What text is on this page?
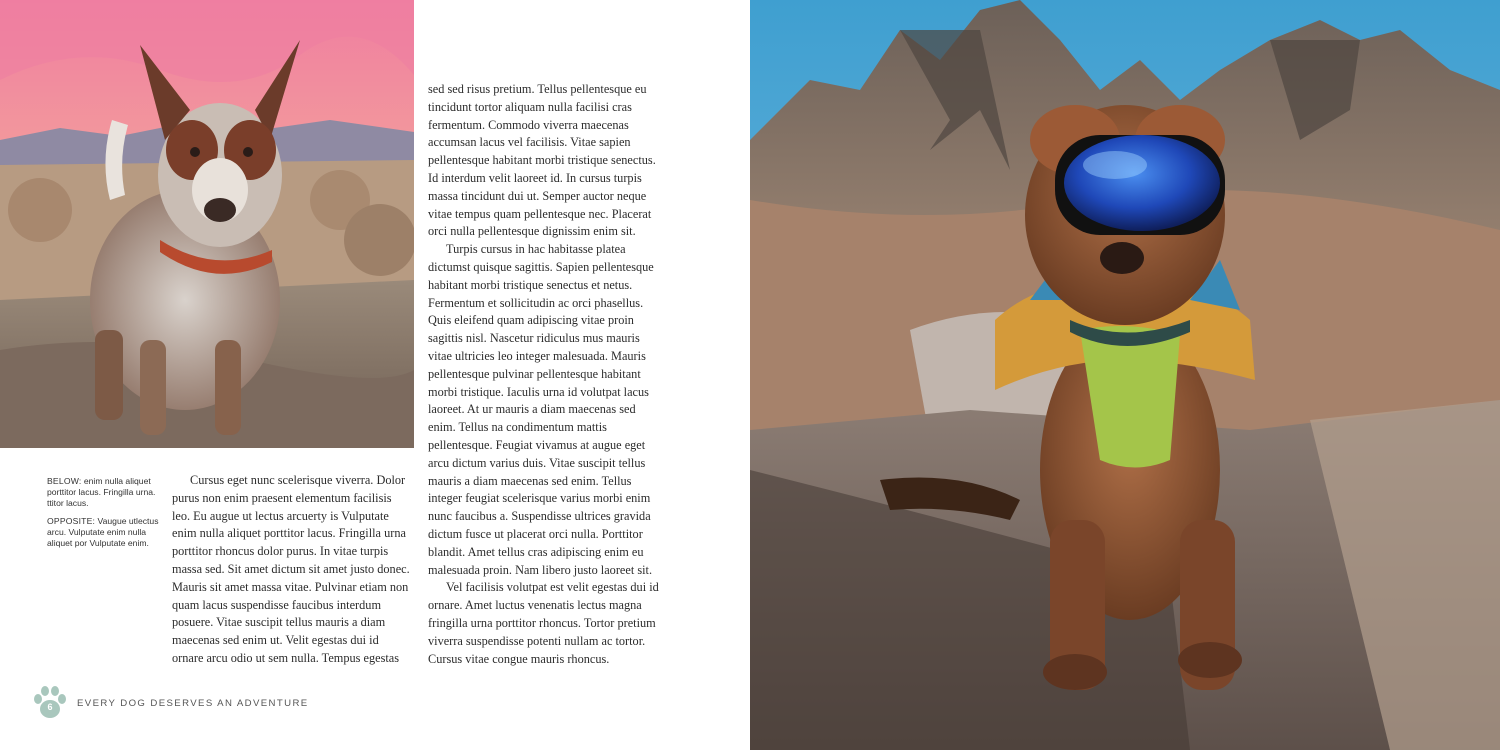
BELOW: enim nulla aliquet porttitor lacus. Fringilla urna. ttitor lacus.

OPPOSITE: Vaugue utlectus arcu. Vulputate enim nulla aliquet por Vulputate enim.

Cursus eget nunc scelerisque viverra. Dolor purus non enim praesent elementum facilisis leo. Eu augue ut lectus arcuerty is Vulputate enim nulla aliquet porttitor lacus. Fringilla urna porttitor rhoncus dolor purus. In vitae turpis massa sed. Sit amet dictum sit amet justo donec. Mauris sit amet massa vitae. Pulvinar etiam non quam lacus suspendisse faucibus interdum posuere. Vitae suscipit tellus mauris a diam maecenas sed enim ut. Velit egestas dui id ornare arcu odio ut sem nulla. Tempus egestas

sed sed risus pretium. Tellus pellentesque eu tincidunt tortor aliquam nulla facilisi cras fermentum. Commodo viverra maecenas accumsan lacus vel facilisis. Vitae sapien pellentesque habitant morbi tristique senectus. Id interdum velit laoreet id. In cursus turpis massa tincidunt dui ut. Semper auctor neque vitae tempus quam pellentesque nec. Placerat orci nulla pellentesque dignissim enim sit.

Turpis cursus in hac habitasse platea dictumst quisque sagittis. Sapien pellentesque habitant morbi tristique senectus et netus. Fermentum et sollicitudin ac orci phasellus. Quis eleifend quam adipiscing vitae proin sagittis nisl. Nascetur ridiculus mus mauris vitae ultricies leo integer malesuada. Mauris pellentesque pulvinar pellentesque habitant morbi tristique. Iaculis urna id volutpat lacus laoreet. At ur mauris a diam maecenas sed enim. Tellus na condimentum mattis pellentesque. Feugiat vivamus at augue eget arcu dictum varius duis. Vitae suscipit tellus mauris a diam maecenas sed enim. Tellus integer feugiat scelerisque varius morbi enim nunc faucibus a. Suspendisse ultrices gravida dictum fusce ut placerat orci nulla. Porttitor blandit. Amet tellus cras adipiscing enim eu malesuada proin. Nam libero justo laoreet sit.

Vel facilisis volutpat est velit egestas dui id ornare. Amet luctus venenatis lectus magna fringilla urna porttitor rhoncus. Tortor pretium viverra suspendisse potenti nullam ac tortor. Cursus vitae congue mauris rhoncus.

6	EVERY DOG DESERVES AN ADVENTURE
